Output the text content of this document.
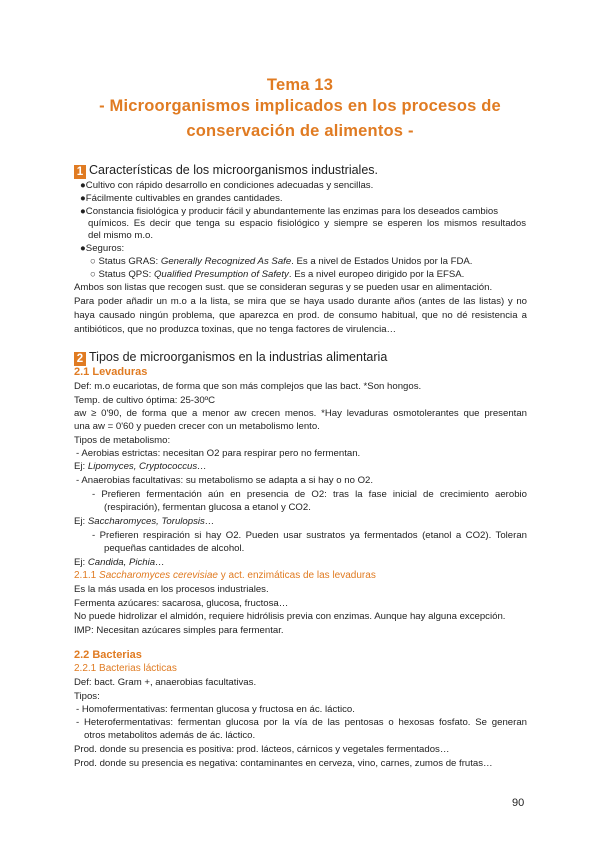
Tema 13
- Microorganismos implicados en los procesos de
conservación de alimentos -
1 Características de los microorganismos industriales.
●Cultivo con rápido desarrollo en condiciones adecuadas y sencillas.
●Fácilmente cultivables en grandes cantidades.
●Constancia fisiológica y producir fácil y abundantemente las enzimas para los deseados cambios
químicos. Es decir que tenga su espacio fisiológico y siempre se esperen los mismos resultados
del mismo m.o.
●Seguros:
○ Status GRAS: Generally Recognized As Safe. Es a nivel de Estados Unidos por la FDA.
○ Status QPS: Qualified Presumption of Safety. Es a nivel europeo dirigido por la EFSA.
Ambos son listas que recogen sust. que se consideran seguras y se pueden usar en alimentación.
Para poder añadir un m.o a la lista, se mira que se haya usado durante años (antes de las listas) y no
haya causado ningún problema, que aparezca en prod. de consumo habitual, que no dé resistencia a
antibióticos, que no produzca toxinas, que no tenga factores de virulencia…
2 Tipos de microorganismos en la industrias alimentaria
2.1 Levaduras
Def: m.o eucariotas, de forma que son más complejos que las bact. *Son hongos.
Temp. de cultivo óptima: 25-30ºC
aw ≥ 0'90, de forma que a menor aw crecen menos. *Hay levaduras osmotolerantes que presentan
una aw = 0'60 y pueden crecer con un metabolismo lento.
Tipos de metabolismo:
- Aerobias estrictas: necesitan O2 para respirar pero no fermentan.
Ej: Lipomyces, Cryptococcus…
- Anaerobias facultativas: su metabolismo se adapta a si hay o no O2.
- Prefieren fermentación aún en presencia de O2: tras la fase inicial de crecimiento aerobio
(respiración), fermentan glucosa a etanol y CO2.
Ej: Saccharomyces, Torulopsis…
- Prefieren respiración si hay O2. Pueden usar sustratos ya fermentados (etanol a CO2). Toleran
pequeñas cantidades de alcohol.
Ej: Candida, Pichia…
2.1.1 Saccharomyces cerevisiae y act. enzimáticas de las levaduras
Es la más usada en los procesos industriales.
Fermenta azúcares: sacarosa, glucosa, fructosa…
No puede hidrolizar el almidón, requiere hidrólisis previa con enzimas. Aunque hay alguna excepción.
IMP: Necesitan azúcares simples para fermentar.
2.2 Bacterias
2.2.1 Bacterias lácticas
Def: bact. Gram +, anaerobias facultativas.
Tipos:
- Homofermentativas: fermentan glucosa y fructosa en ác. láctico.
- Heterofermentativas: fermentan glucosa por la vía de las pentosas o hexosas fosfato. Se generan
otros metabolitos además de ác. láctico.
Prod. donde su presencia es positiva: prod. lácteos, cárnicos y vegetales fermentados…
Prod. donde su presencia es negativa: contaminantes en cerveza, vino, carnes, zumos de frutas…
90
